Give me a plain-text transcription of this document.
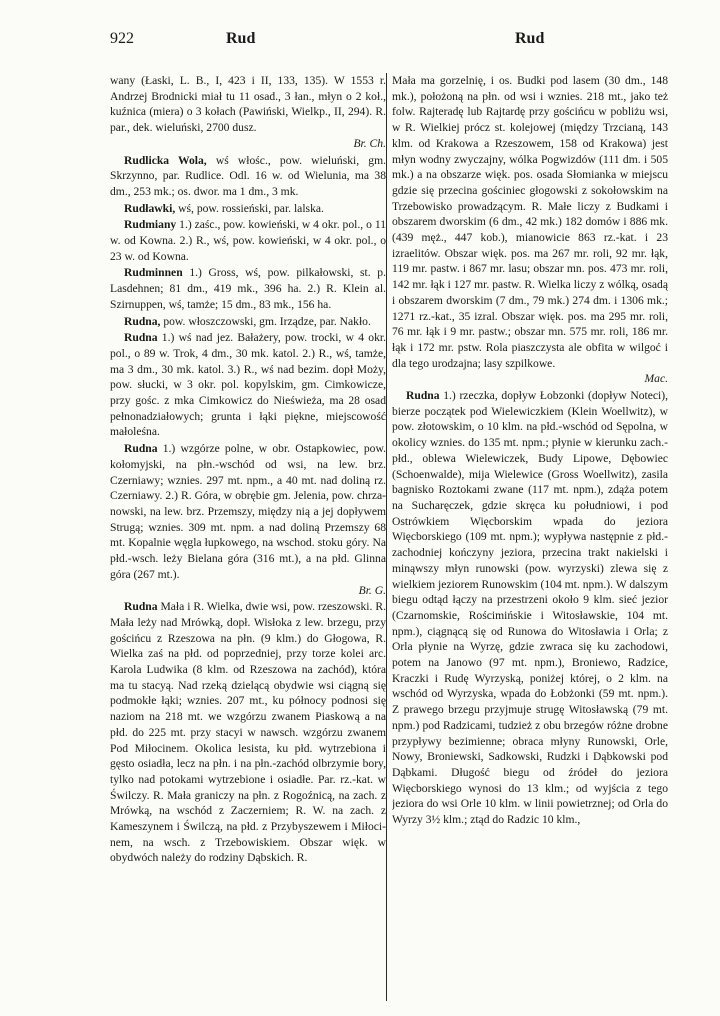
922	Rud	Rud

wany (Łaski, L. B., I, 423 i II, 133, 135). W 1553 r. Andrzej Brodnicki miał tu 11 osad., 3 łan., młyn o 2 koł., kuźnica (miera) o 3 kołach (Pawiński, Wielkp., II, 294). R. par., dek. wieluński, 2700 dusz.
Br. Ch.

Rudlicka Wola, wś włośc., pow. wieluński, gm. Skrzynno, par. Rudlice. Odl. 16 w. od Wielunia, ma 38 dm., 253 mk.; os. dwor. ma 1 dm., 3 mk.

Rudławki, wś, pow. rossieński, par. lalska.

Rudmiany 1.) zaśc., pow. kowieński, w 4 okr. pol., o 11 w. od Kowna. 2.) R., wś, pow. kowieński, w 4 okr. pol., o 23 w. od Kowna.

Rudminnen 1.) Gross, wś, pow. pilkałowski, st. p. Lasdehnen; 81 dm., 419 mk., 396 ha. 2.) R. Klein al. Szirnuppen, wś, tamże; 15 dm., 83 mk., 156 ha.

Rudna, pow. włoszczowski, gm. Irządze, par. Nakło.

Rudna 1.) wś nad jez. Bałażery, pow. trocki, w 4 okr. pol., o 89 w. Trok, 4 dm., 30 mk. katol. 2.) R., wś, tamże, ma 3 dm., 30 mk. katol. 3.) R., wś nad bezim. dopł Moży, pow. słucki, w 3 okr. pol. kopylskim, gm. Cimkowicze, przy gośc. z mka Cimkowicz do Nieświeża, ma 28 osad pełnonadziałowych; grunta i łąki piękne, miejscowość małoleśna.

Rudna 1.) wzgórze polne, w obr. Ostapkowiec, pow. kołomyjski, na płn.-wschód od wsi, na lew. brz. Czerniawy; wznies. 297 mt. npm., a 40 mt. nad doliną rz. Czerniawy. 2.) R. Góra, w obrębie gm. Jelenia, pow. chrzanowski, na lew. brz. Przemszy, między nią a jej dopływem Strugą; wznies. 309 mt. npm. a nad doliną Przemszy 68 mt. Kopalnie węgla łupkowego, na wschod. stoku góry. Na płd.-wsch. leży Bielana góra (316 mt.), a na płd. Glinna góra (267 mt.).
Br. G.

Rudna Mała i R. Wielka, dwie wsi, pow. rzeszowski. R. Mała leży nad Mrówką, dopł. Wisłoka z lew. brzegu, przy gościńcu z Rzeszowa na płn. (9 klm.) do Głogowa, R. Wielka zaś na płd. od poprzedniej, przy torze kolei arc. Karola Ludwika (8 klm. od Rzeszowa na zachód), która ma tu stacyą. Nad rzeką dzielącą obydwie wsi ciągną się podmokłe łąki; wznies. 207 mt., ku północy podnosi się naziom na 218 mt. we wzgórzu zwanem Piaskową a na płd. do 225 mt. przy stacyi w nawsch. wzgórzu zwanem Pod Miłocinem. Okolica lesista, ku płd. wytrzebiona i gęsto osiadła, lecz na płn. i na płn.-zachód olbrzymie bory, tylko nad potokami wytrzebione i osiadłe. Par. rz.-kat. w Świlczy. R. Mała graniczy na płn. z Rogoźnicą, na zach. z Mrówką, na wschód z Zaczerniem; R. W. na zach. z Kameszynem i Świlczą, na płd. z Przybyszewem i Miłocinem, na wsch. z Trzebowiskiem. Obszar więk. w obydwóch należy do rodziny Dąbskich. R.

Mała ma gorzelnię, i os. Budki pod lasem (30 dm., 148 mk.), położoną na płn. od wsi i wznies. 218 mt., jako też folw. Rajteradę lub Rajtardę przy gościńcu w pobliżu wsi, w R. Wielkiej prócz st. kolejowej (między Trzcianą, 143 klm. od Krakowa a Rzeszowem, 158 od Krakowa) jest młyn wodny zwyczajny, wólka Pogwizdów (111 dm. i 505 mk.) a na obszarze więk. pos. osada Słomianka w miejscu gdzie się przecina gościniec głogowski z sokołowskim na Trzebowisko prowadzącym. R. Małe liczy z Budkami i obszarem dworskim (6 dm., 42 mk.) 182 domów i 886 mk. (439 męż., 447 kob.), mianowicie 863 rz.-kat. i 23 izraelitów. Obszar więk. pos. ma 267 mr. roli, 92 mr. łąk, 119 mr. pastw. i 867 mr. lasu; obszar mn. pos. 473 mr. roli, 142 mr. łąk i 127 mr. pastw. R. Wielka liczy z wólką, osadą i obszarem dworskim (7 dm., 79 mk.) 274 dm. i 1306 mk.; 1271 rz.-kat., 35 izral. Obszar więk. pos. ma 295 mr. roli, 76 mr. łąk i 9 mr. pastw.; obszar mn. 575 mr. roli, 186 mr. łąk i 172 mr. pstw. Rola piaszczysta ale obfita w wilgoć i dla tego urodzajna; lasy szpilkowe.
Mac.

Rudna 1.) rzeczka, dopływ Łobzonki (dopływ Noteci), bierze początek pod Wielewiczkiem (Klein Woellwitz), w pow. złotowskim, o 10 klm. na płd.-wschód od Sępolna, w okolicy wznies. do 135 mt. npm.; płynie w kierunku zach.-płd., oblewa Wielewiczek, Budy Lipowe, Dębowiec (Schoenwalde), mija Wielewice (Gross Woellwitz), zasila bagnisko Roztokami zwane (117 mt. npm.), zdąża potem na Sucharęczek, gdzie skręca ku południowi, i pod Ostrówkiem Więcborskim wpada do jeziora Więcborskiego (109 mt. npm.); wypływa następnie z płd.-zachodniej kończyny jeziora, przecina trakt nakielski i minąwszy młyn runowski (pow. wyrzyski) zlewa się z wielkiem jeziorem Runowskim (104 mt. npm.). W dalszym biegu odtąd łączy na przestrzeni około 9 klm. sieć jezior (Czarnomskie, Rościmińskie i Witosławskie, 104 mt. npm.), ciągnącą się od Runowa do Witosławia i Orla; z Orla płynie na Wyrzę, gdzie zwraca się ku zachodowi, potem na Janowo (97 mt. npm.), Broniewo, Radzice, Kraczki i Rudę Wyrzyską, poniżej której, o 2 klm. na wschód od Wyrzyska, wpada do Łobżonki (59 mt. npm.). Z prawego brzegu przyjmuje strugę Witosławską (79 mt. npm.) pod Radzicami, tudzież z obu brzegów różne drobne przypływy bezimienne; obraca młyny Runowski, Orle, Nowy, Broniewski, Sadkowski, Rudzki i Dąbkowski pod Dąbkami. Długość biegu od źródeł do jeziora Więcborskiego wynosi do 13 klm.; od wyjścia z tego jeziora do wsi Orle 10 klm. w linii powietrznej; od Orla do Wyrzy 3½ klm.; ztąd do Radzic 10 klm.,
